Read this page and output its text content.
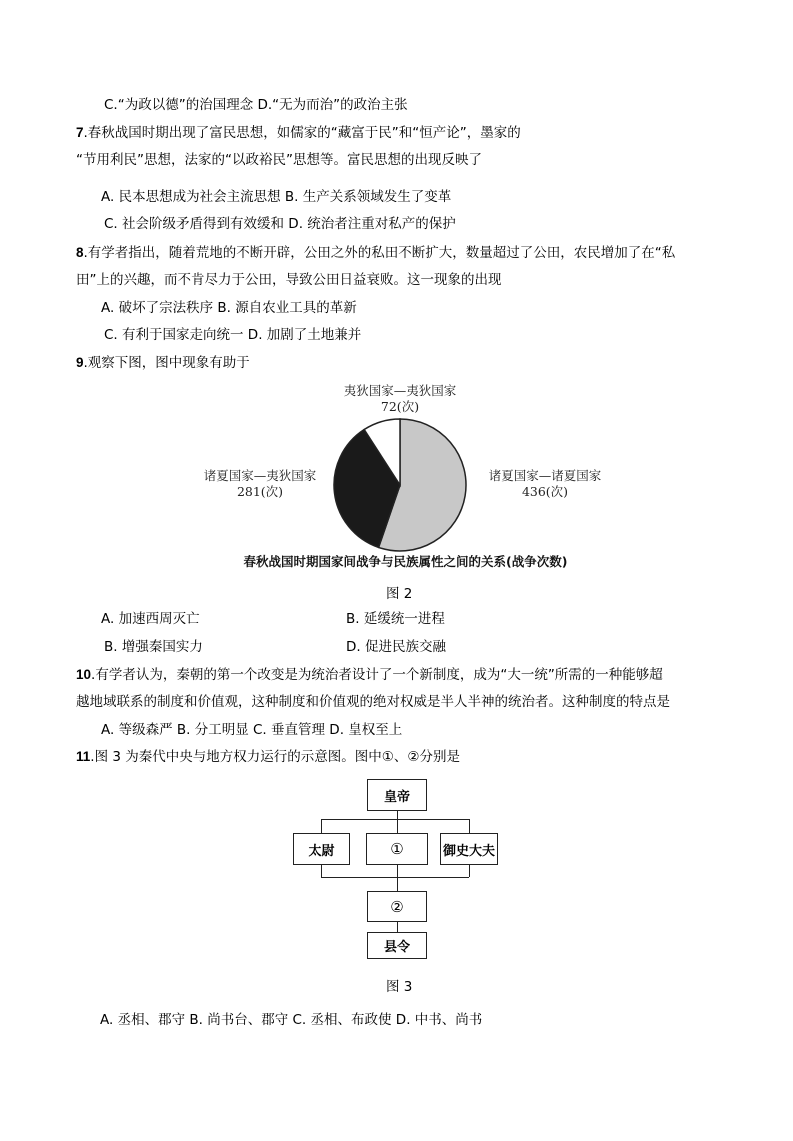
C.“为政以德”的治国理念 D.“无为而治”的政治主张
7.春秋战国时期出现了富民思想，如儒家的“藏富于民”和“恒产论”，墨家的
“节用利民”思想，法家的“以政裕民”思想等。富民思想的出现反映了
A. 民本思想成为社会主流思想 B. 生产关系领域发生了变革
C. 社会阶级矛盾得到有效缓和 D. 统治者注重对私产的保护
8.有学者指出，随着荒地的不断开辟，公田之外的私田不断扩大，数量超过了公田，农民增加了在“私
田”上的兴趣，而不肯尽力于公田，导致公田日益衰败。这一现象的出现
A. 破坏了宗法秩序 B. 源自农业工具的革新
C. 有利于国家走向统一 D. 加剧了土地兼并
9.观察下图，图中现象有助于
夷狄国家—夷狄国家
72(次)
诸夏国家—夷狄国家
281(次)
诸夏国家—诸夏国家
436(次)
春秋战国时期国家间战争与民族属性之间的关系(战争次数)
图 2
A. 加速西周灭亡	B. 延缓统一进程
B. 增强秦国实力	D. 促进民族交融
10.有学者认为，秦朝的第一个改变是为统治者设计了一个新制度，成为“大一统”所需的一种能够超
越地域联系的制度和价值观，这种制度和价值观的绝对权威是半人半神的统治者。这种制度的特点是
A. 等级森严 B. 分工明显 C. 垂直管理 D. 皇权至上
11.图 3 为秦代中央与地方权力运行的示意图。图中①、②分别是
皇帝
太尉	①	御史大夫
②
县令
图 3
A. 丞相、郡守 B. 尚书台、郡守 C. 丞相、布政使 D. 中书、尚书
